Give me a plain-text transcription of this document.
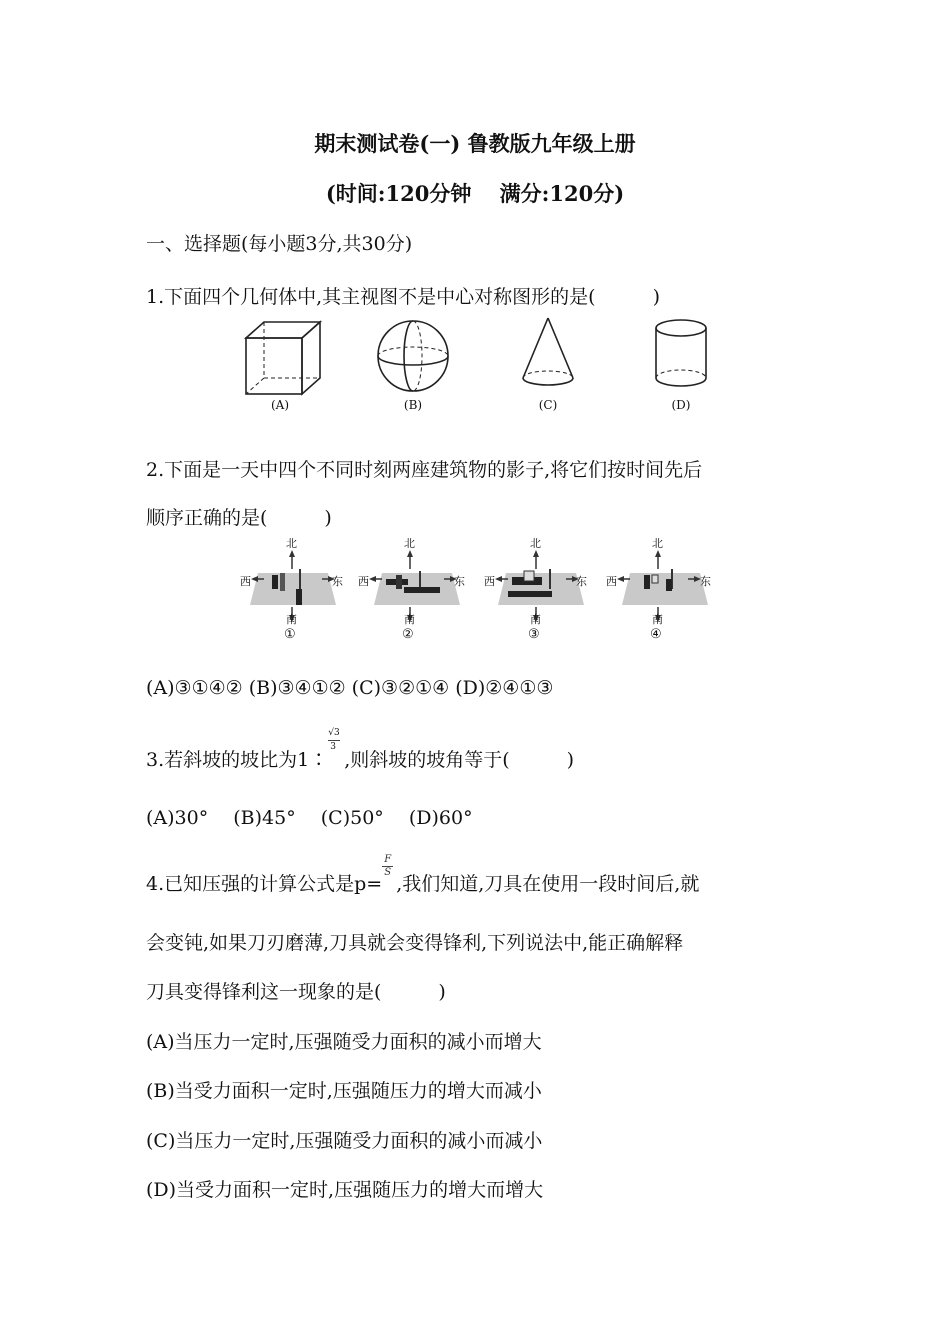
期末测试卷(一) 鲁教版九年级上册
(时间:120分钟　 满分:120分)
一、选择题(每小题3分,共30分)
1.下面四个几何体中,其主视图不是中心对称图形的是(　　　)
(A)	(B)	(C)	(D)
2.下面是一天中四个不同时刻两座建筑物的影子,将它们按时间先后
顺序正确的是(　　　)
北
西	东
南
①
北
西	东
南
②
北
西	东
南
③
北
西	东
南
④
(A)③①④② (B)③④①② (C)③②①④ (D)②④①③
3.若斜坡的坡比为1∶ $\frac{√3}{3}$ ,则斜坡的坡角等于(　　　)
(A)30°　 (B)45°　 (C)50°　 (D)60°
4.已知压强的计算公式是$p= \frac{F}{S}$ ,我们知道,刀具在使用一段时间后,就
会变钝,如果刀刃磨薄,刀具就会变得锋利,下列说法中,能正确解释
刀具变得锋利这一现象的是(　　　)
(A)当压力一定时,压强随受力面积的减小而增大
(B)当受力面积一定时,压强随压力的增大而减小
(C)当压力一定时,压强随受力面积的减小而减小
(D)当受力面积一定时,压强随压力的增大而增大
